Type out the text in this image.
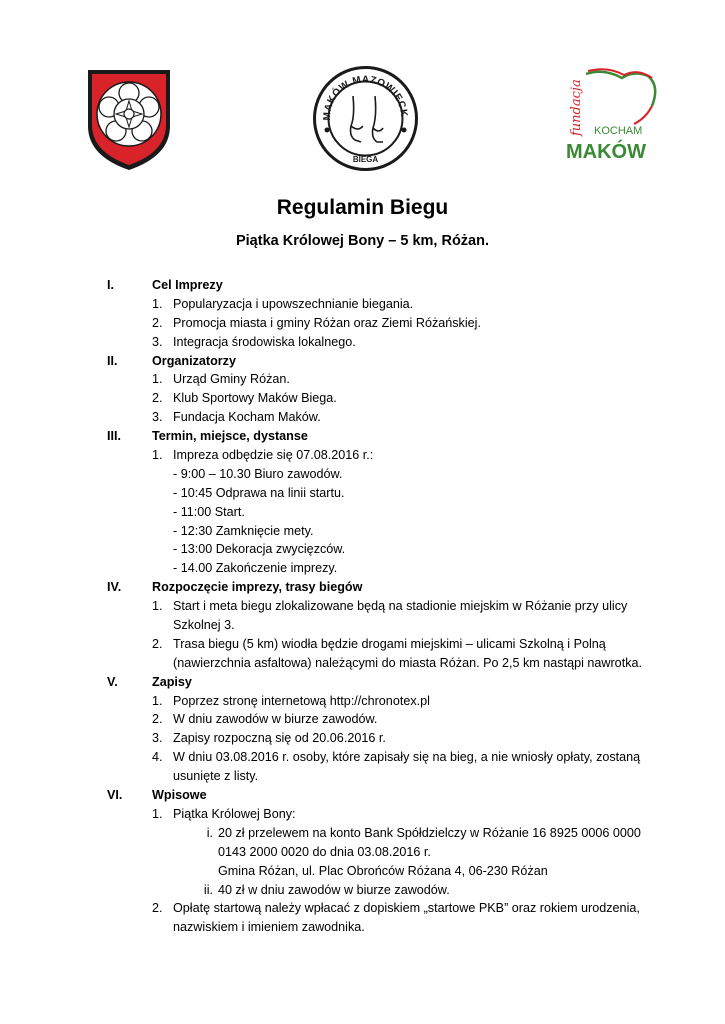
MAKÓW MAZOWIECK
BIEGA
fundacja KOCHAM
MAKÓW
Regulamin Biegu
Piątka Królowej Bony – 5 km, Różan.
I.	Cel Imprezy
1. Popularyzacja i upowszechnianie biegania.
2. Promocja miasta i gminy Różan oraz Ziemi Różańskiej.
3. Integracja środowiska lokalnego.
II.	Organizatorzy
1. Urząd Gminy Różan.
2. Klub Sportowy Maków Biega.
3. Fundacja Kocham Maków.
III. Termin, miejsce, dystanse
1. Impreza odbędzie się 07.08.2016 r.:
- 9:00 – 10.30 Biuro zawodów.
- 10:45 Odprawa na linii startu.
- 11:00 Start.
- 12:30 Zamknięcie mety.
- 13:00 Dekoracja zwycięzców.
- 14.00 Zakończenie imprezy.
IV. Rozpoczęcie imprezy, trasy biegów
1. Start i meta biegu zlokalizowane będą na stadionie miejskim w Różanie przy ulicy
Szkolnej 3.
2. Trasa biegu (5 km) wiodła będzie drogami miejskimi – ulicami Szkolną i Polną
(nawierzchnia asfaltowa) należącymi do miasta Różan. Po 2,5 km nastąpi nawrotka.
V.	Zapisy
1. Poprzez stronę internetową http://chronotex.pl
2. W dniu zawodów w biurze zawodów.
3. Zapisy rozpoczną się od 20.06.2016 r.
4. W dniu 03.08.2016 r. osoby, które zapisały się na bieg, a nie wniosły opłaty, zostaną
usunięte z listy.
VI. Wpisowe
1. Piątka Królowej Bony:
i. 20 zł przelewem na konto Bank Spółdzielczy w Różanie 16 8925 0006 0000
0143 2000 0020 do dnia 03.08.2016 r.
Gmina Różan, ul. Plac Obrońców Różana 4, 06-230 Różan
ii. 40 zł w dniu zawodów w biurze zawodów.
2. Opłatę startową należy wpłacać z dopiskiem „startowe PKB” oraz rokiem urodzenia,
nazwiskiem i imieniem zawodnika.
